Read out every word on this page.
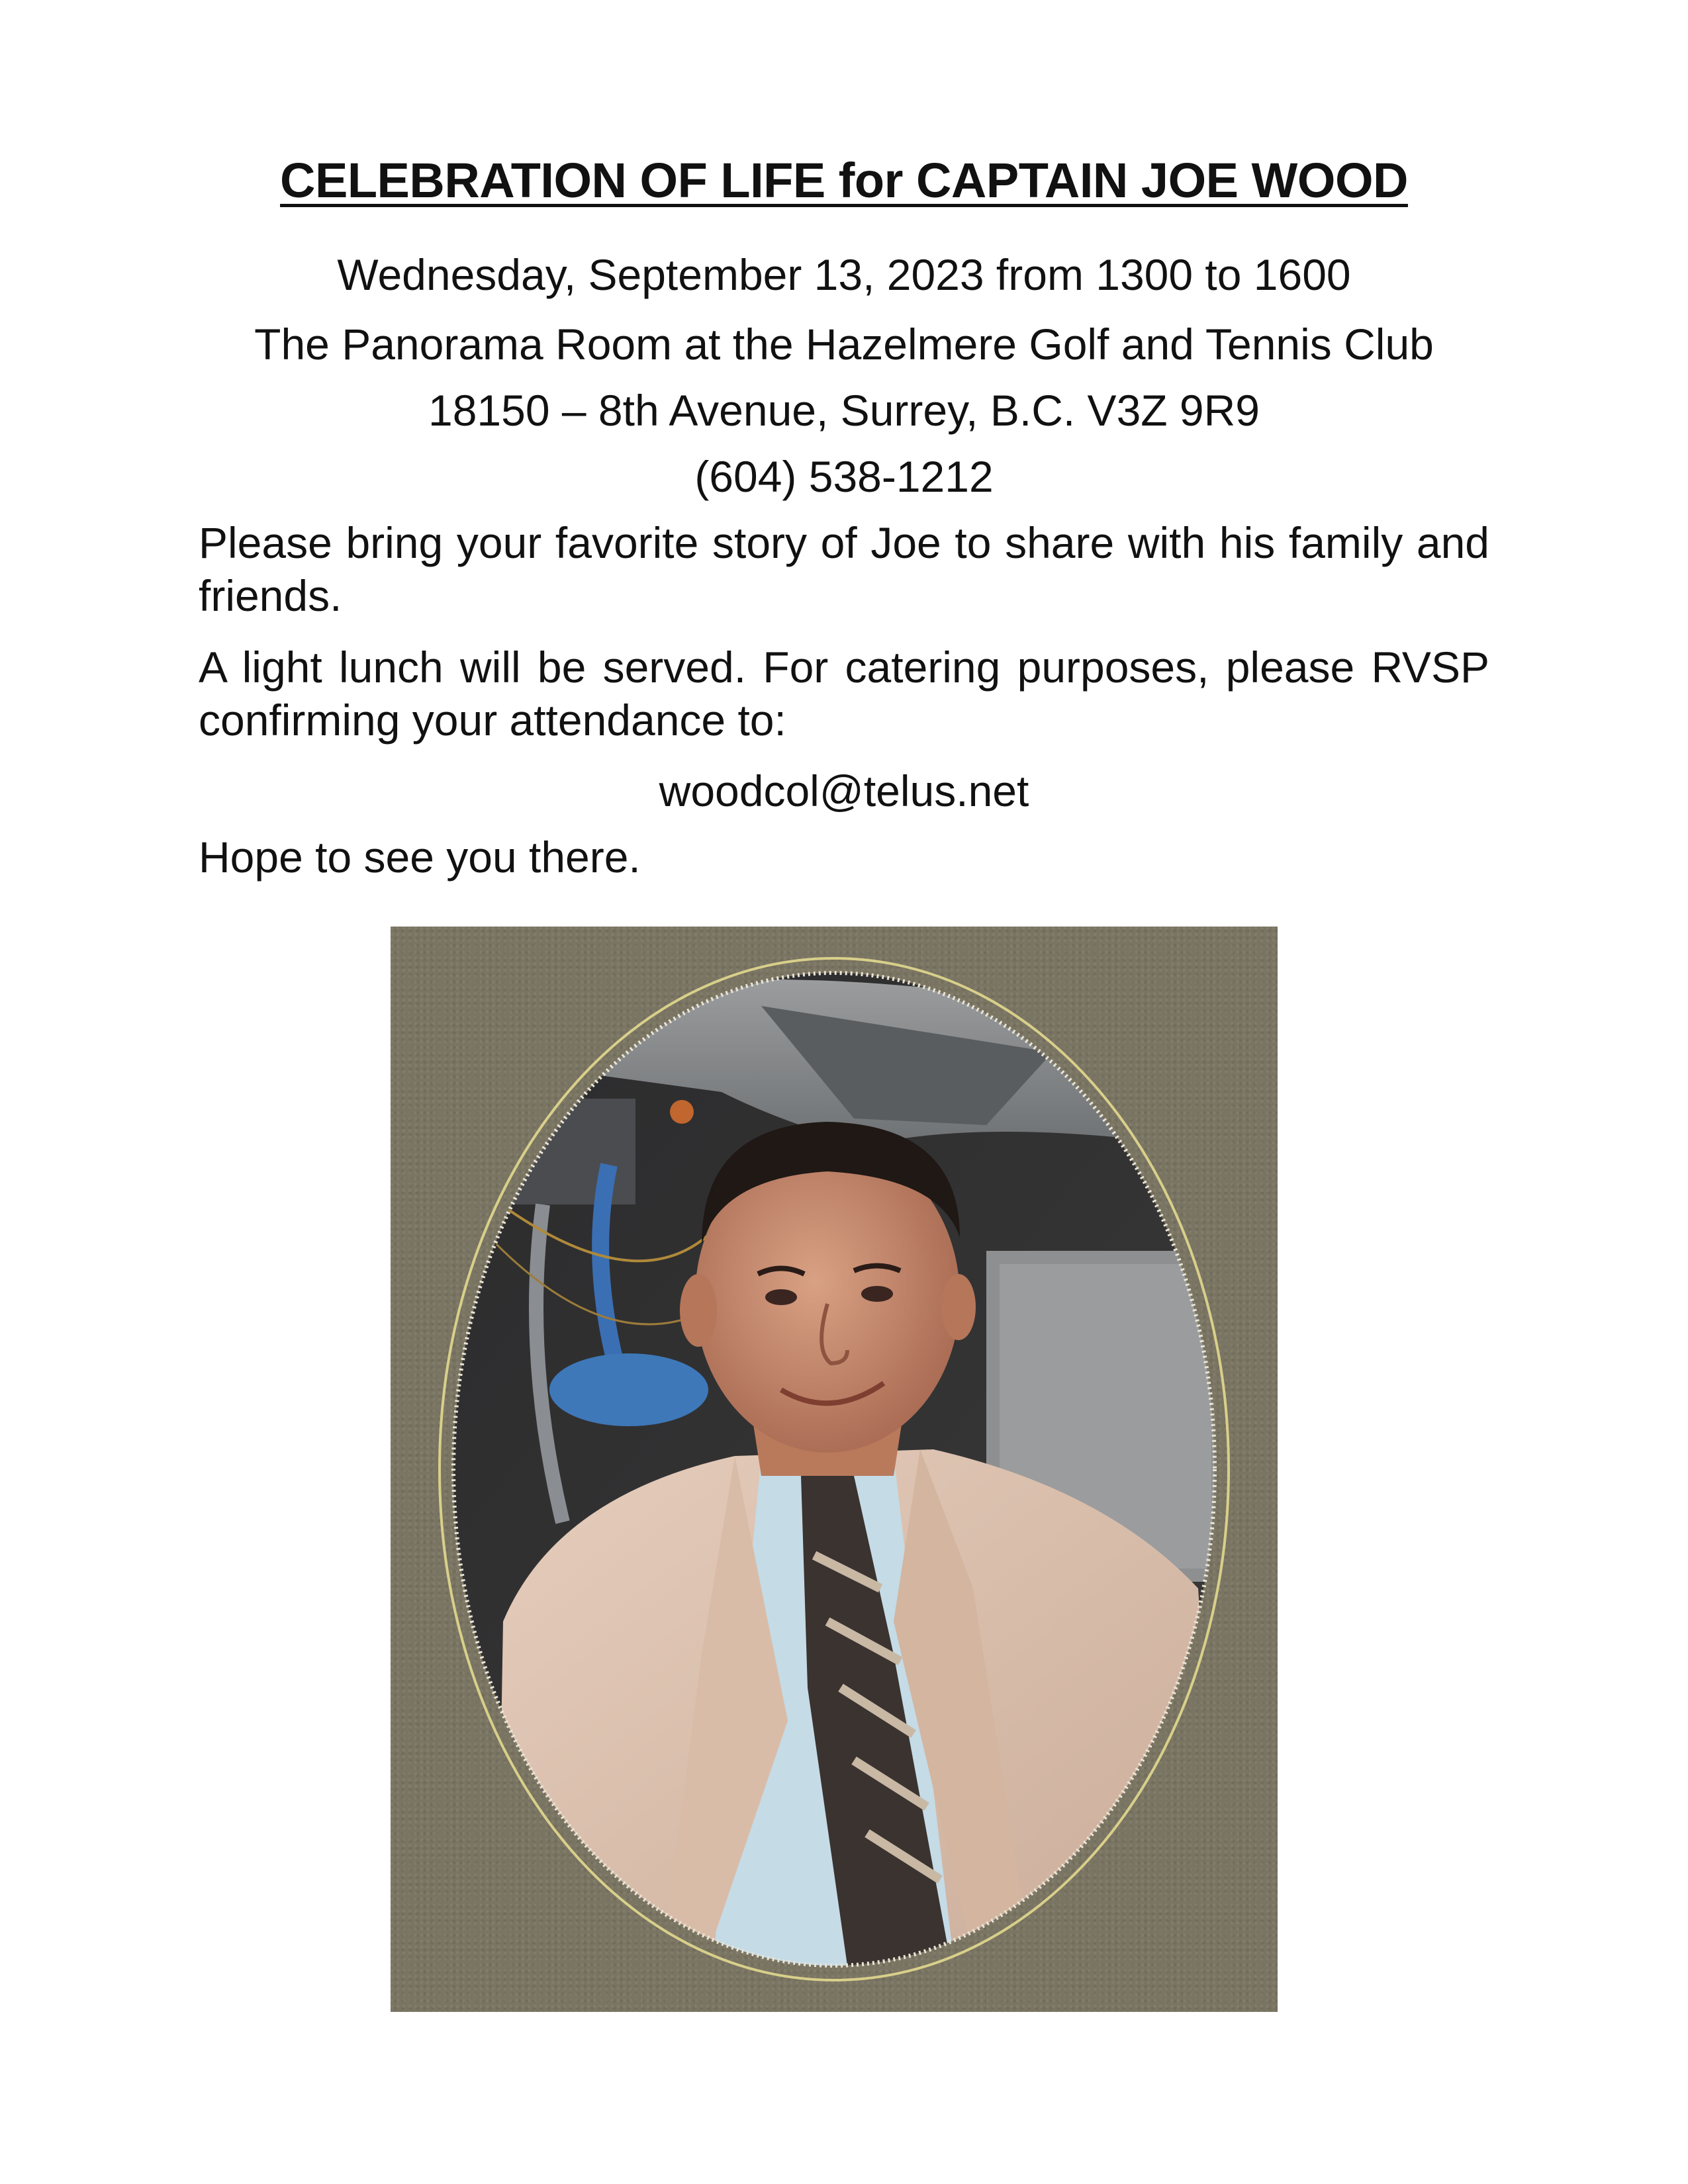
CELEBRATION OF LIFE for CAPTAIN JOE WOOD
Wednesday, September 13, 2023 from 1300 to 1600
The Panorama Room at the Hazelmere Golf and Tennis Club
18150 – 8th Avenue, Surrey, B.C. V3Z 9R9
(604) 538-1212
Please bring your favorite story of Joe to share with his family and friends.
A light lunch will be served. For catering purposes, please RVSP confirming your attendance to:
woodcol@telus.net
Hope to see you there.
